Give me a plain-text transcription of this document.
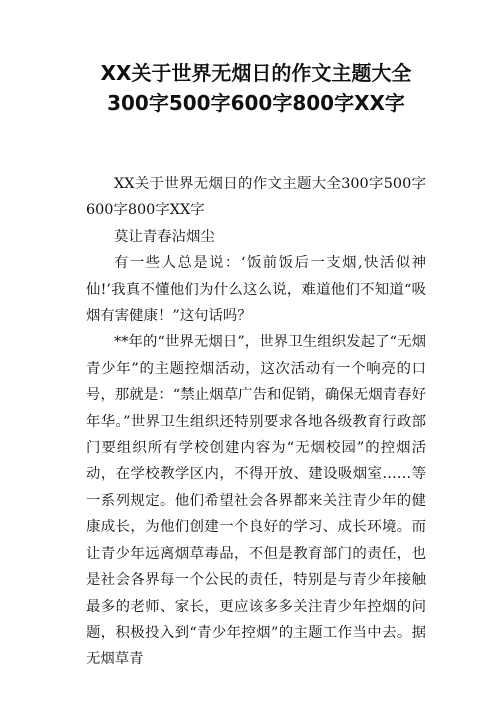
XX关于世界无烟日的作文主题大全
300字500字600字800字XX字

XX关于世界无烟日的作文主题大全300字500字600字800字XX字

莫让青春沾烟尘

有一些人总是说：‘饭前饭后一支烟,快活似神仙!’我真不懂他们为什么这么说，难道他们不知道“吸烟有害健康！”这句话吗？

**年的“世界无烟日”，世界卫生组织发起了“无烟青少年”的主题控烟活动，这次活动有一个响亮的口号，那就是：“禁止烟草广告和促销，确保无烟青春好年华。”世界卫生组织还特别要求各地各级教育行政部门要组织所有学校创建内容为“无烟校园”的控烟活动，在学校教学区内，不得开放、建设吸烟室……等一系列规定。他们希望社会各界都来关注青少年的健康成长，为他们创建一个良好的学习、成长环境。而让青少年远离烟草毒品，不但是教育部门的责任，也是社会各界每一个公民的责任，特别是与青少年接触最多的老师、家长，更应该多多关注青少年控烟的问题，积极投入到“青少年控烟”的主题工作当中去。据无烟草青
